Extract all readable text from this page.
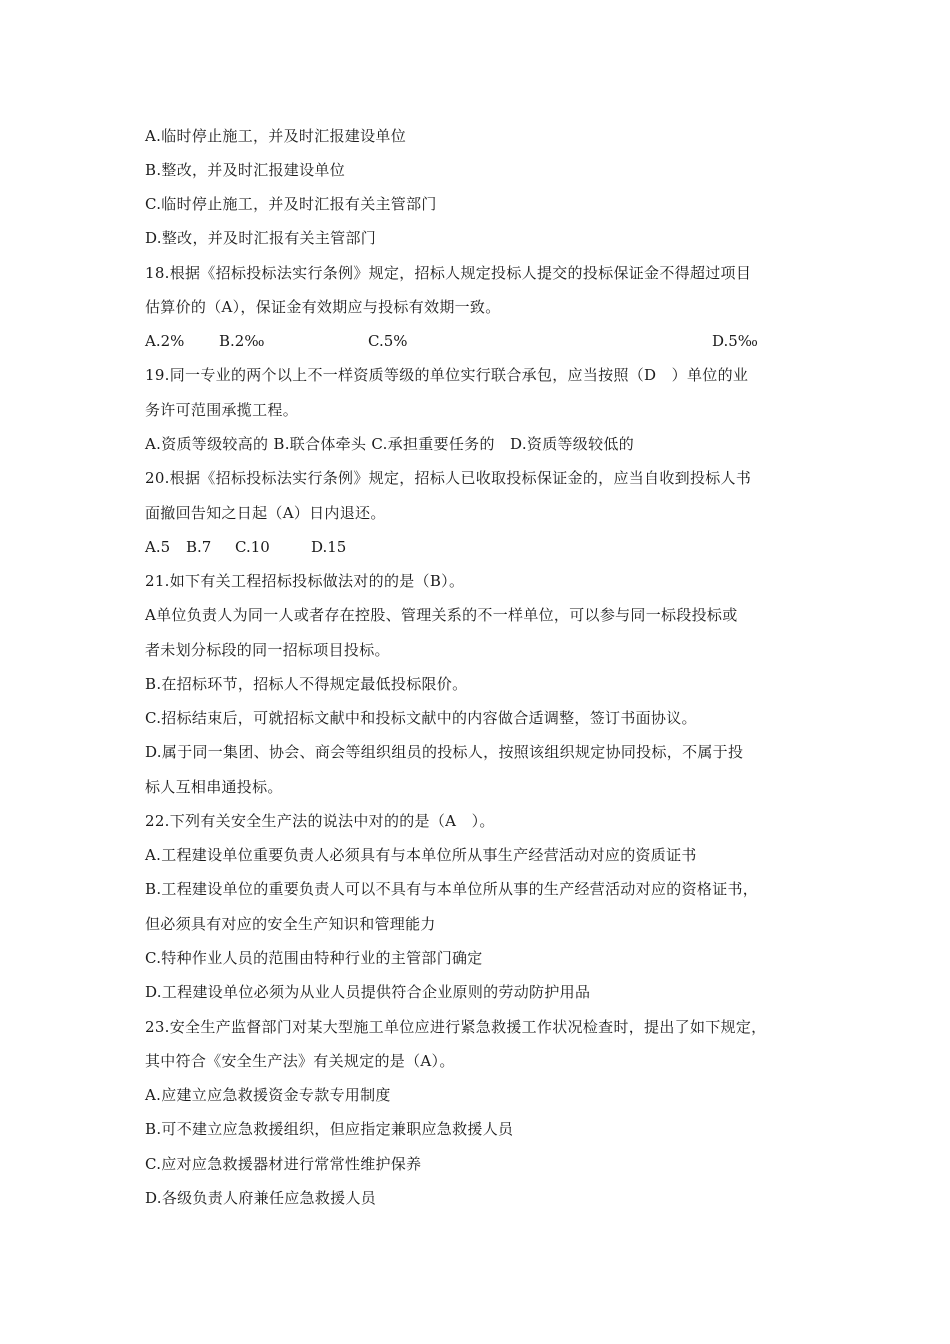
A.临时停止施工，并及时汇报建设单位
B.整改，并及时汇报建设单位
C.临时停止施工，并及时汇报有关主管部门
D.整改，并及时汇报有关主管部门
18.根据《招标投标法实行条例》规定，招标人规定投标人提交的投标保证金不得超过项目
估算价的（A），保证金有效期应与投标有效期一致。
A.2% B.2‰	C.5%	D.5‰
19.同一专业的两个以上不一样资质等级的单位实行联合承包，应当按照（D　）单位的业
务许可范围承揽工程。
A.资质等级较高的 B.联合体牵头 C.承担重要任务的　D.资质等级较低的
20.根据《招标投标法实行条例》规定，招标人已收取投标保证金的，应当自收到投标人书
面撤回告知之日起（A）日内退还。
A.5 B.7 C.10	D.15
21.如下有关工程招标投标做法对的的是（B）。
A单位负责人为同一人或者存在控股、管理关系的不一样单位，可以参与同一标段投标或
者未划分标段的同一招标项目投标。
B.在招标环节，招标人不得规定最低投标限价。
C.招标结束后，可就招标文献中和投标文献中的内容做合适调整，签订书面协议。
D.属于同一集团、协会、商会等组织组员的投标人，按照该组织规定协同投标，不属于投
标人互相串通投标。
22.下列有关安全生产法的说法中对的的是（A　）。
A.工程建设单位重要负责人必须具有与本单位所从事生产经营活动对应的资质证书
B.工程建设单位的重要负责人可以不具有与本单位所从事的生产经营活动对应的资格证书，
但必须具有对应的安全生产知识和管理能力
C.特种作业人员的范围由特种行业的主管部门确定
D.工程建设单位必须为从业人员提供符合企业原则的劳动防护用品
23.安全生产监督部门对某大型施工单位应进行紧急救援工作状况检查时，提出了如下规定，
其中符合《安全生产法》有关规定的是（A）。
A.应建立应急救援资金专款专用制度
B.可不建立应急救援组织，但应指定兼职应急救援人员
C.应对应急救援器材进行常常性维护保养
D.各级负责人府兼任应急救援人员
